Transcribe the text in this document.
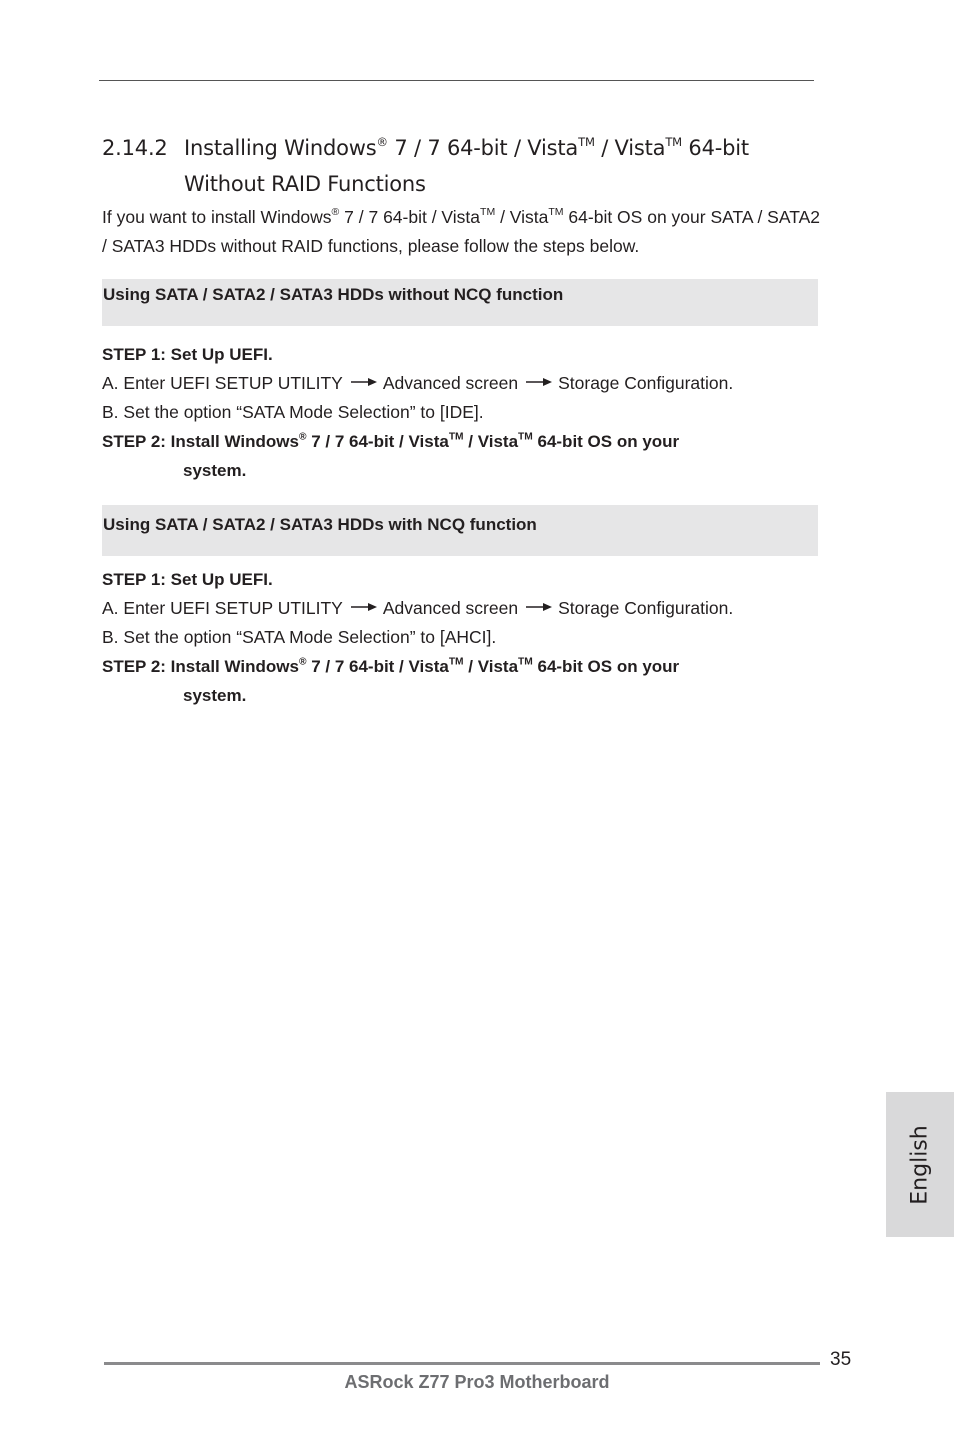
2.14.2 Installing Windows® 7 / 7 64-bit / Vista™ / Vista™ 64-bit
Without RAID Functions

If you want to install Windows® 7 / 7 64-bit / Vista™ / Vista™ 64-bit OS on your SATA / SATA2 / SATA3 HDDs without RAID functions, please follow the steps below.

Using SATA / SATA2 / SATA3 HDDs without NCQ function
STEP 1: Set Up UEFI.
A. Enter UEFI SETUP UTILITY Advanced screen Storage Configuration.
B. Set the option “SATA Mode Selection” to [IDE].
STEP 2: Install Windows® 7 / 7 64-bit / Vista™ / Vista™ 64-bit OS on your
system.
Using SATA / SATA2 / SATA3 HDDs with NCQ function
STEP 1: Set Up UEFI.
A. Enter UEFI SETUP UTILITY Advanced screen Storage Configuration.
B. Set the option “SATA Mode Selection” to [AHCI].
STEP 2: Install Windows® 7 / 7 64-bit / Vista™ / Vista™ 64-bit OS on your
system.
English
35
ASRock Z77 Pro3 Motherboard
